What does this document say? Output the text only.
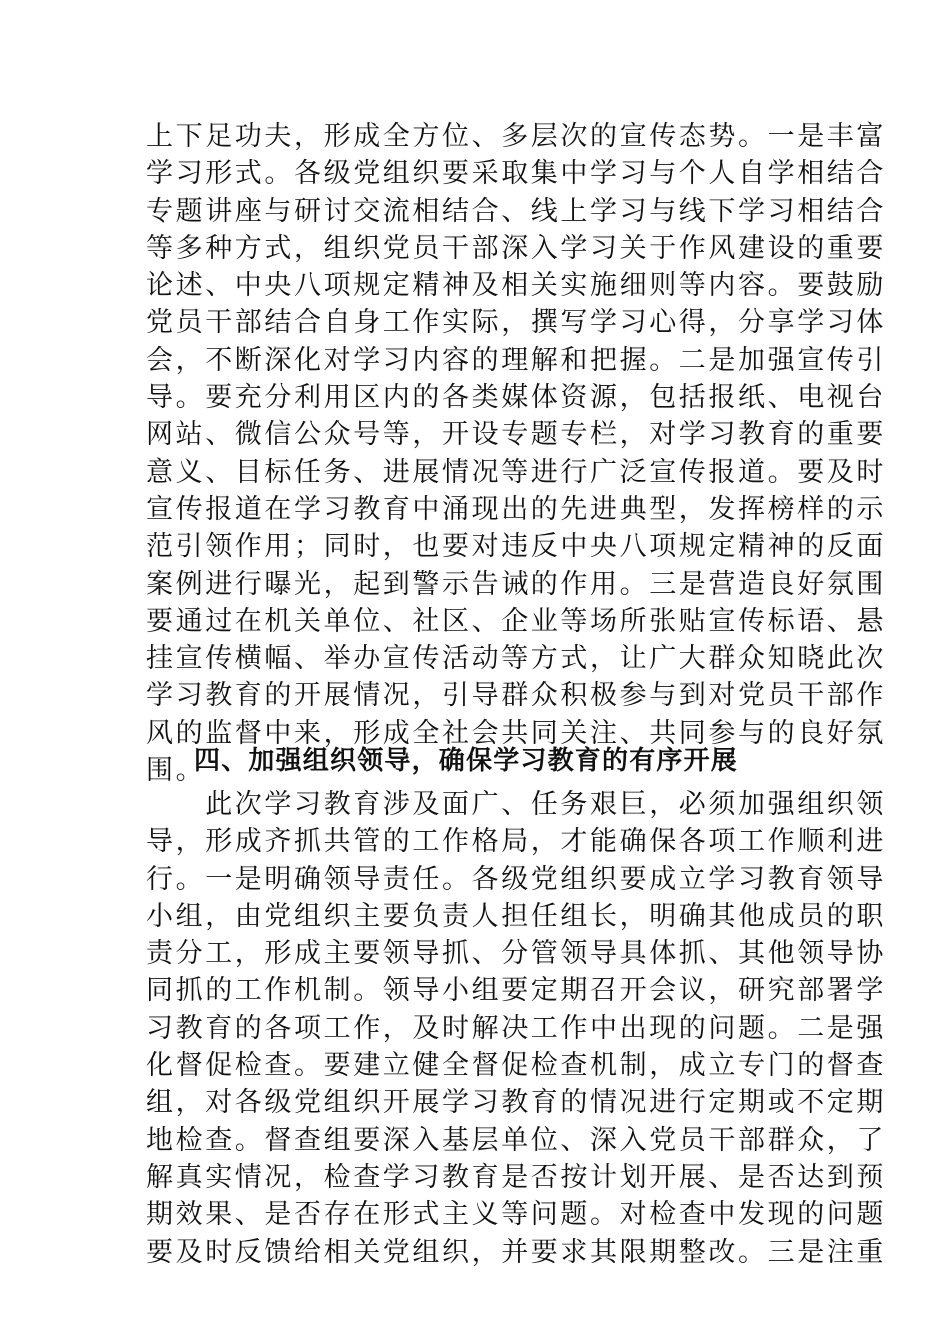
上下足功夫，形成全方位、多层次的宣传态势。一是丰富
学习形式。各级党组织要采取集中学习与个人自学相结合
专题讲座与研讨交流相结合、线上学习与线下学习相结合
等多种方式，组织党员干部深入学习关于作风建设的重要
论述、中央八项规定精神及相关实施细则等内容。要鼓励
党员干部结合自身工作实际，撰写学习心得，分享学习体
会，不断深化对学习内容的理解和把握。二是加强宣传引
导。要充分利用区内的各类媒体资源，包括报纸、电视台
网站、微信公众号等，开设专题专栏，对学习教育的重要
意义、目标任务、进展情况等进行广泛宣传报道。要及时
宣传报道在学习教育中涌现出的先进典型，发挥榜样的示
范引领作用；同时，也要对违反中央八项规定精神的反面
案例进行曝光，起到警示告诫的作用。三是营造良好氛围
要通过在机关单位、社区、企业等场所张贴宣传标语、悬
挂宣传横幅、举办宣传活动等方式，让广大群众知晓此次
学习教育的开展情况，引导群众积极参与到对党员干部作
风的监督中来，形成全社会共同关注、共同参与的良好氛
围。
四、加强组织领导，确保学习教育的有序开展
　　此次学习教育涉及面广、任务艰巨，必须加强组织领
导，形成齐抓共管的工作格局，才能确保各项工作顺利进
行。一是明确领导责任。各级党组织要成立学习教育领导
小组，由党组织主要负责人担任组长，明确其他成员的职
责分工，形成主要领导抓、分管领导具体抓、其他领导协
同抓的工作机制。领导小组要定期召开会议，研究部署学
习教育的各项工作，及时解决工作中出现的问题。二是强
化督促检查。要建立健全督促检查机制，成立专门的督查
组，对各级党组织开展学习教育的情况进行定期或不定期
地检查。督查组要深入基层单位、深入党员干部群众，了
解真实情况，检查学习教育是否按计划开展、是否达到预
期效果、是否存在形式主义等问题。对检查中发现的问题
要及时反馈给相关党组织，并要求其限期整改。三是注重
